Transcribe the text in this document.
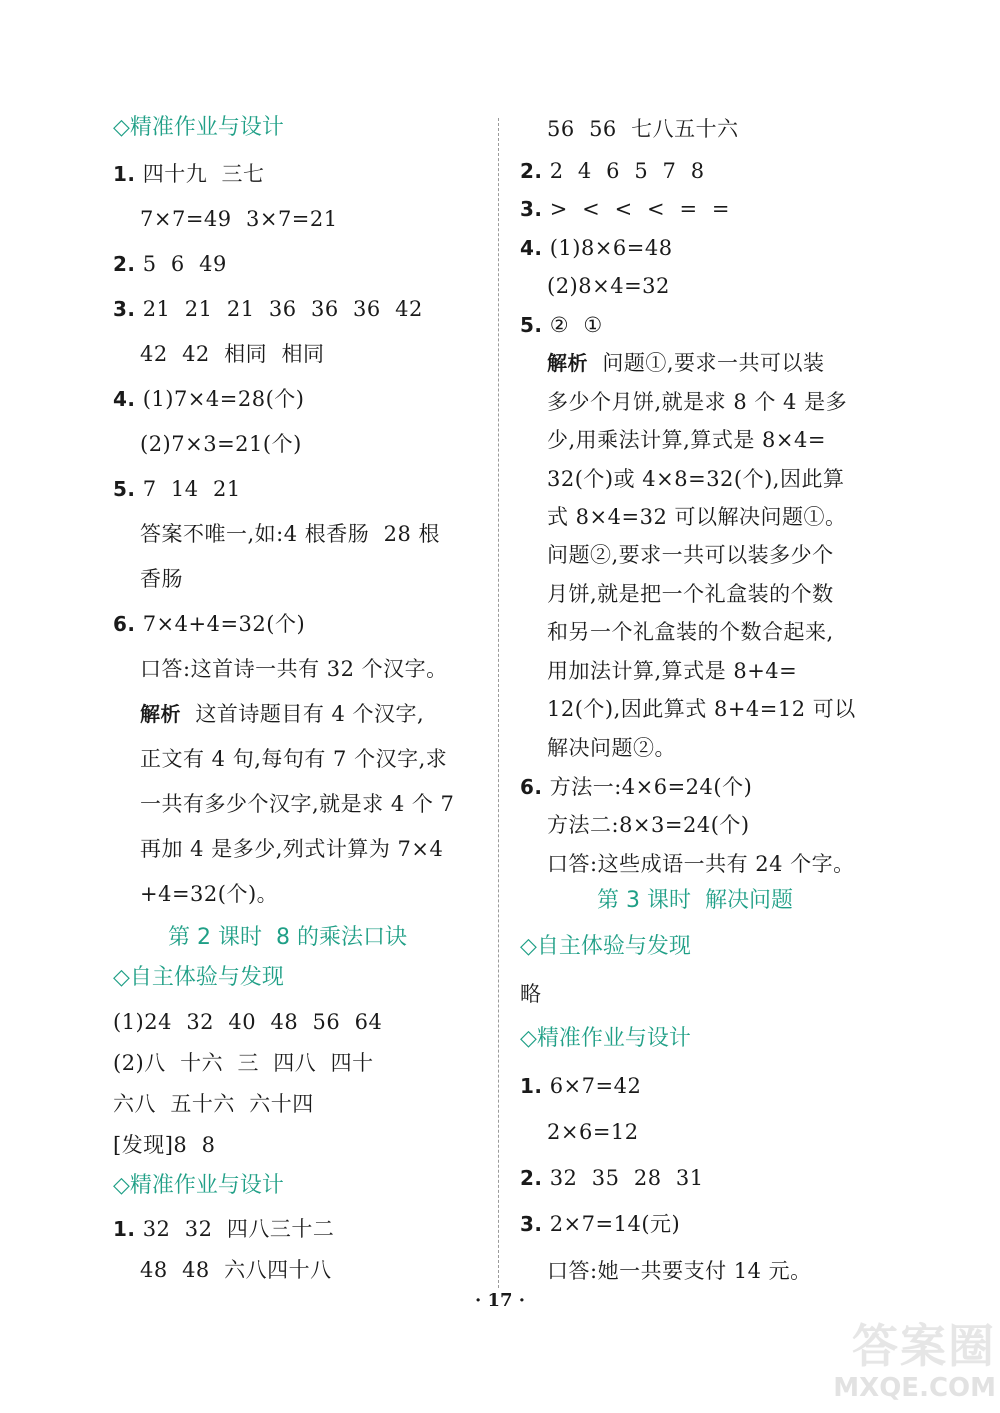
◇精准作业与设计
1. 四十九  三七
7×7=49  3×7=21
2. 5  6  49
3. 21  21  21  36  36  36  42
42  42  相同  相同
4. (1)7×4=28(个)
(2)7×3=21(个)
5. 7  14  21
答案不唯一,如:4 根香肠  28 根
香肠
6. 7×4+4=32(个)
口答:这首诗一共有 32 个汉字。
解析  这首诗题目有 4 个汉字,
正文有 4 句,每句有 7 个汉字,求
一共有多少个汉字,就是求 4 个 7
再加 4 是多少,列式计算为 7×4
+4=32(个)。
第 2 课时  8 的乘法口诀
◇自主体验与发现
(1)24  32  40  48  56  64
(2)八  十六  三  四八  四十
六八  五十六  六十四
[发现]8  8
◇精准作业与设计
1. 32  32  四八三十二
48  48  六八四十八
56  56  七八五十六
2. 2  4  6  5  7  8
3. >  <  <  <  =  =
4. (1)8×6=48
(2)8×4=32
5. ②  ①
解析  问题①,要求一共可以装
多少个月饼,就是求 8 个 4 是多
少,用乘法计算,算式是 8×4=
32(个)或 4×8=32(个),因此算
式 8×4=32 可以解决问题①。
问题②,要求一共可以装多少个
月饼,就是把一个礼盒装的个数
和另一个礼盒装的个数合起来,
用加法计算,算式是 8+4=
12(个),因此算式 8+4=12 可以
解决问题②。
6. 方法一:4×6=24(个)
方法二:8×3=24(个)
口答:这些成语一共有 24 个字。
第 3 课时  解决问题
◇自主体验与发现
略
◇精准作业与设计
1. 6×7=42
2×6=12
2. 32  35  28  31
3. 2×7=14(元)
口答:她一共要支付 14 元。
· 17 ·
答案圈
MXQE.COM
